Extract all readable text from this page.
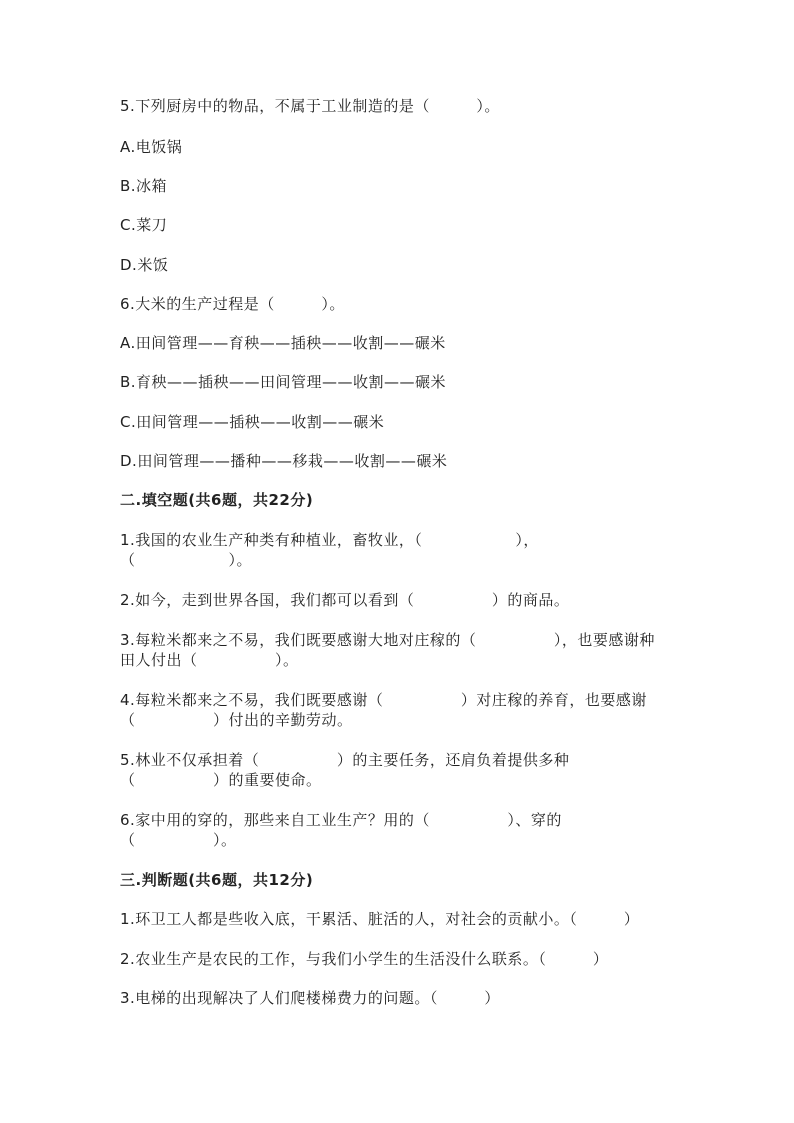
5.下列厨房中的物品，不属于工业制造的是（　　　）。
A.电饭锅
B.冰箱
C.菜刀
D.米饭
6.大米的生产过程是（　　　）。
A.田间管理——育秧——插秧——收割——碾米
B.育秧——插秧——田间管理——收割——碾米
C.田间管理——插秧——收割——碾米
D.田间管理——播种——移栽——收割——碾米
二.填空题(共6题，共22分)
1.我国的农业生产种类有种植业，畜牧业，（　　　　　　），
（　　　　　　）。
2.如今，走到世界各国，我们都可以看到（　　　　　）的商品。
3.每粒米都来之不易，我们既要感谢大地对庄稼的（　　　　　），也要感谢种
田人付出（　　　　　）。
4.每粒米都来之不易，我们既要感谢（　　　　　）对庄稼的养育，也要感谢
（　　　　　）付出的辛勤劳动。
5.林业不仅承担着（　　　　　）的主要任务，还肩负着提供多种
（　　　　　）的重要使命。
6.家中用的穿的，那些来自工业生产？用的（　　　　　）、穿的
（　　　　　）。
三.判断题(共6题，共12分)
1.环卫工人都是些收入底，干累活、脏活的人，对社会的贡献小。（　　　）
2.农业生产是农民的工作，与我们小学生的生活没什么联系。（　　　）
3.电梯的出现解决了人们爬楼梯费力的问题。（　　　）
